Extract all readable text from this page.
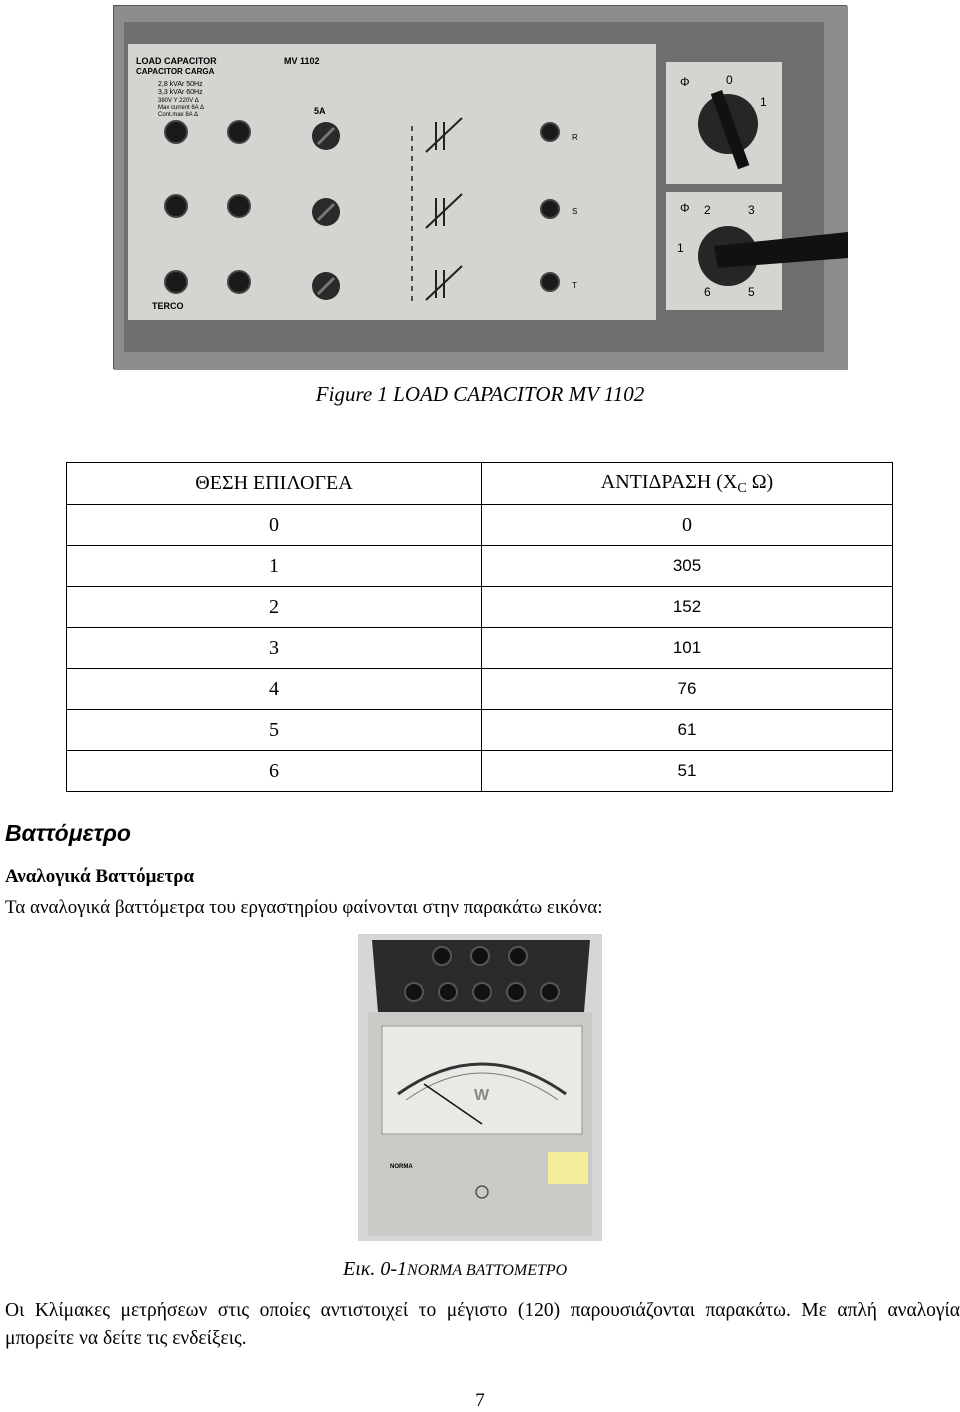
LOAD CAPACITOR	MV 1102
CAPACITOR CARGA
2,8 kVAr 50Hz
3,3 kVAr 60Hz
380V Y 220V Δ
Max current 6A Δ
Cont.max 8A Δ	5A
R
S
T
TERCO
Φ	0
1
Φ 2	3
1
6	5
Figure 1 LOAD CAPACITOR MV 1102
ΘΕΣΗ ΕΠΙΛΟΓΕΑ	ΑΝΤΙΔΡΑΣΗ ($X_C$ Ω)
0	0
1	305
2	152
3	101
4	76
5	61
6	51
Βαττόμετρο
Αναλογικά Βαττόμετρα
Τα αναλογικά βαττόμετρα του εργαστηρίου φαίνονται στην παρακάτω εικόνα:
W
NORMA
Εικ. 0-1NORMA ΒΑΤΤΟΜΕΤΡΟ
Οι Κλίμακες μετρήσεων στις οποίες αντιστοιχεί το μέγιστο (120) παρουσιάζονται παρακάτω. Με απλή αναλογία μπορείτε να δείτε τις ενδείξεις.
7
